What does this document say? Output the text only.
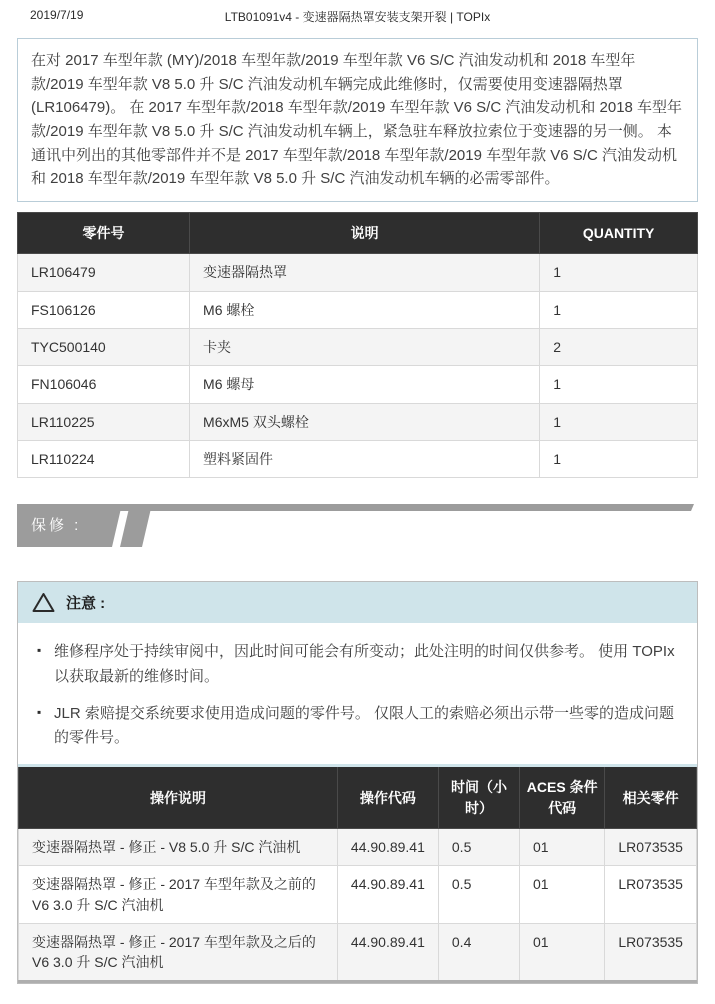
2019/7/19	LTB01091v4 - 变速器隔热罩安装支架开裂 | TOPIx
在对 2017 车型年款 (MY)/2018 车型年款/2019 车型年款 V6 S/C 汽油发动机和 2018 车型年款/2019 车型年款 V8 5.0 升 S/C 汽油发动机车辆完成此维修时，仅需要使用变速器隔热罩 (LR106479)。 在 2017 车型年款/2018 车型年款/2019 车型年款 V6 S/C 汽油发动机和 2018 车型年款/2019 车型年款 V8 5.0 升 S/C 汽油发动机车辆上，紧急驻车释放拉索位于变速器的另一侧。 本通讯中列出的其他零部件并不是 2017 车型年款/2018 车型年款/2019 车型年款 V6 S/C 汽油发动机和 2018 车型年款/2019 车型年款 V8 5.0 升 S/C 汽油发动机车辆的必需零部件。
零件号	说明	QUANTITY
LR106479	变速器隔热罩	1
FS106126	M6 螺栓	1
TYC500140	卡夹	2
FN106046	M6 螺母	1
LR110225	M6xM5 双头螺栓	1
LR110224	塑料紧固件	1
保修 :
注意 :
▪ 维修程序处于持续审阅中，因此时间可能会有所变动；此处注明的时间仅供参考。 使用 TOPIx 以获取最新的维修时间。
▪ JLR 索赔提交系统要求使用造成问题的零件号。 仅限人工的索赔必须出示带一些零的造成问题的零件号。
操作说明	操作代码	时间（小时）	ACES 条件代码	相关零件
变速器隔热罩 - 修正 - V8 5.0 升 S/C 汽油机	44.90.89.41	0.5	01	LR073535
变速器隔热罩 - 修正 - 2017 车型年款及之前的 V6 3.0 升 S/C 汽油机	44.90.89.41	0.5	01	LR073535
变速器隔热罩 - 修正 - 2017 车型年款及之后的 V6 3.0 升 S/C 汽油机	44.90.89.41	0.4	01	LR073535
